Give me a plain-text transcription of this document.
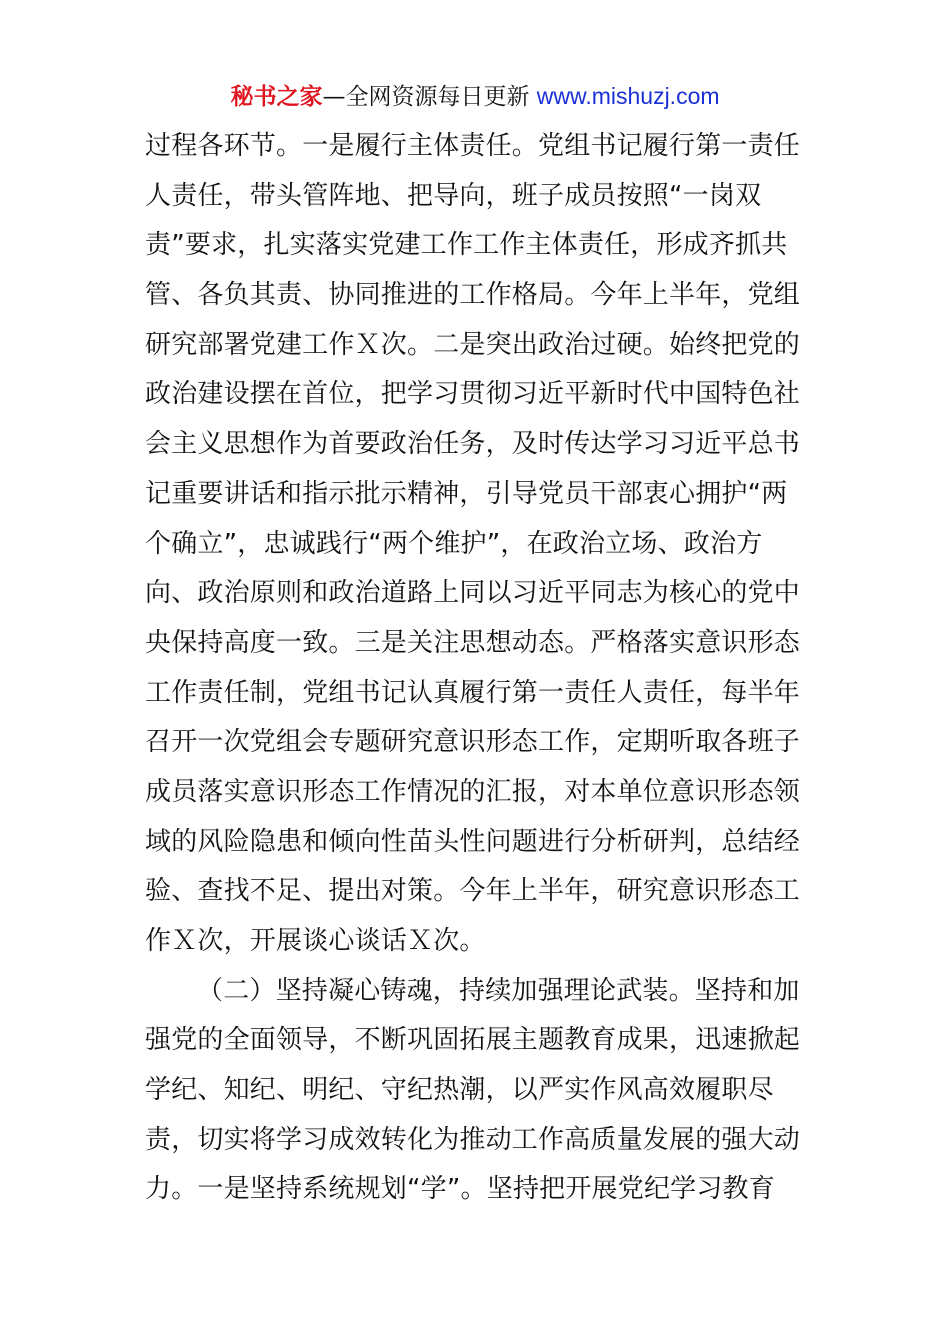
秘书之家—全网资源每日更新 www.mishuzj.com
过程各环节。一是履行主体责任。党组书记履行第一责任
人责任，带头管阵地、把导向，班子成员按照“一岗双
责”要求，扎实落实党建工作工作主体责任，形成齐抓共
管、各负其责、协同推进的工作格局。今年上半年，党组
研究部署党建工作Ｘ次。二是突出政治过硬。始终把党的
政治建设摆在首位，把学习贯彻习近平新时代中国特色社
会主义思想作为首要政治任务，及时传达学习习近平总书
记重要讲话和指示批示精神，引导党员干部衷心拥护“两
个确立”，忠诚践行“两个维护”，在政治立场、政治方
向、政治原则和政治道路上同以习近平同志为核心的党中
央保持高度一致。三是关注思想动态。严格落实意识形态
工作责任制，党组书记认真履行第一责任人责任，每半年
召开一次党组会专题研究意识形态工作，定期听取各班子
成员落实意识形态工作情况的汇报，对本单位意识形态领
域的风险隐患和倾向性苗头性问题进行分析研判，总结经
验、查找不足、提出对策。今年上半年，研究意识形态工
作Ｘ次，开展谈心谈话Ｘ次。
（二）坚持凝心铸魂，持续加强理论武装。坚持和加
强党的全面领导，不断巩固拓展主题教育成果，迅速掀起
学纪、知纪、明纪、守纪热潮，以严实作风高效履职尽
责，切实将学习成效转化为推动工作高质量发展的强大动
力。一是坚持系统规划“学”。坚持把开展党纪学习教育
